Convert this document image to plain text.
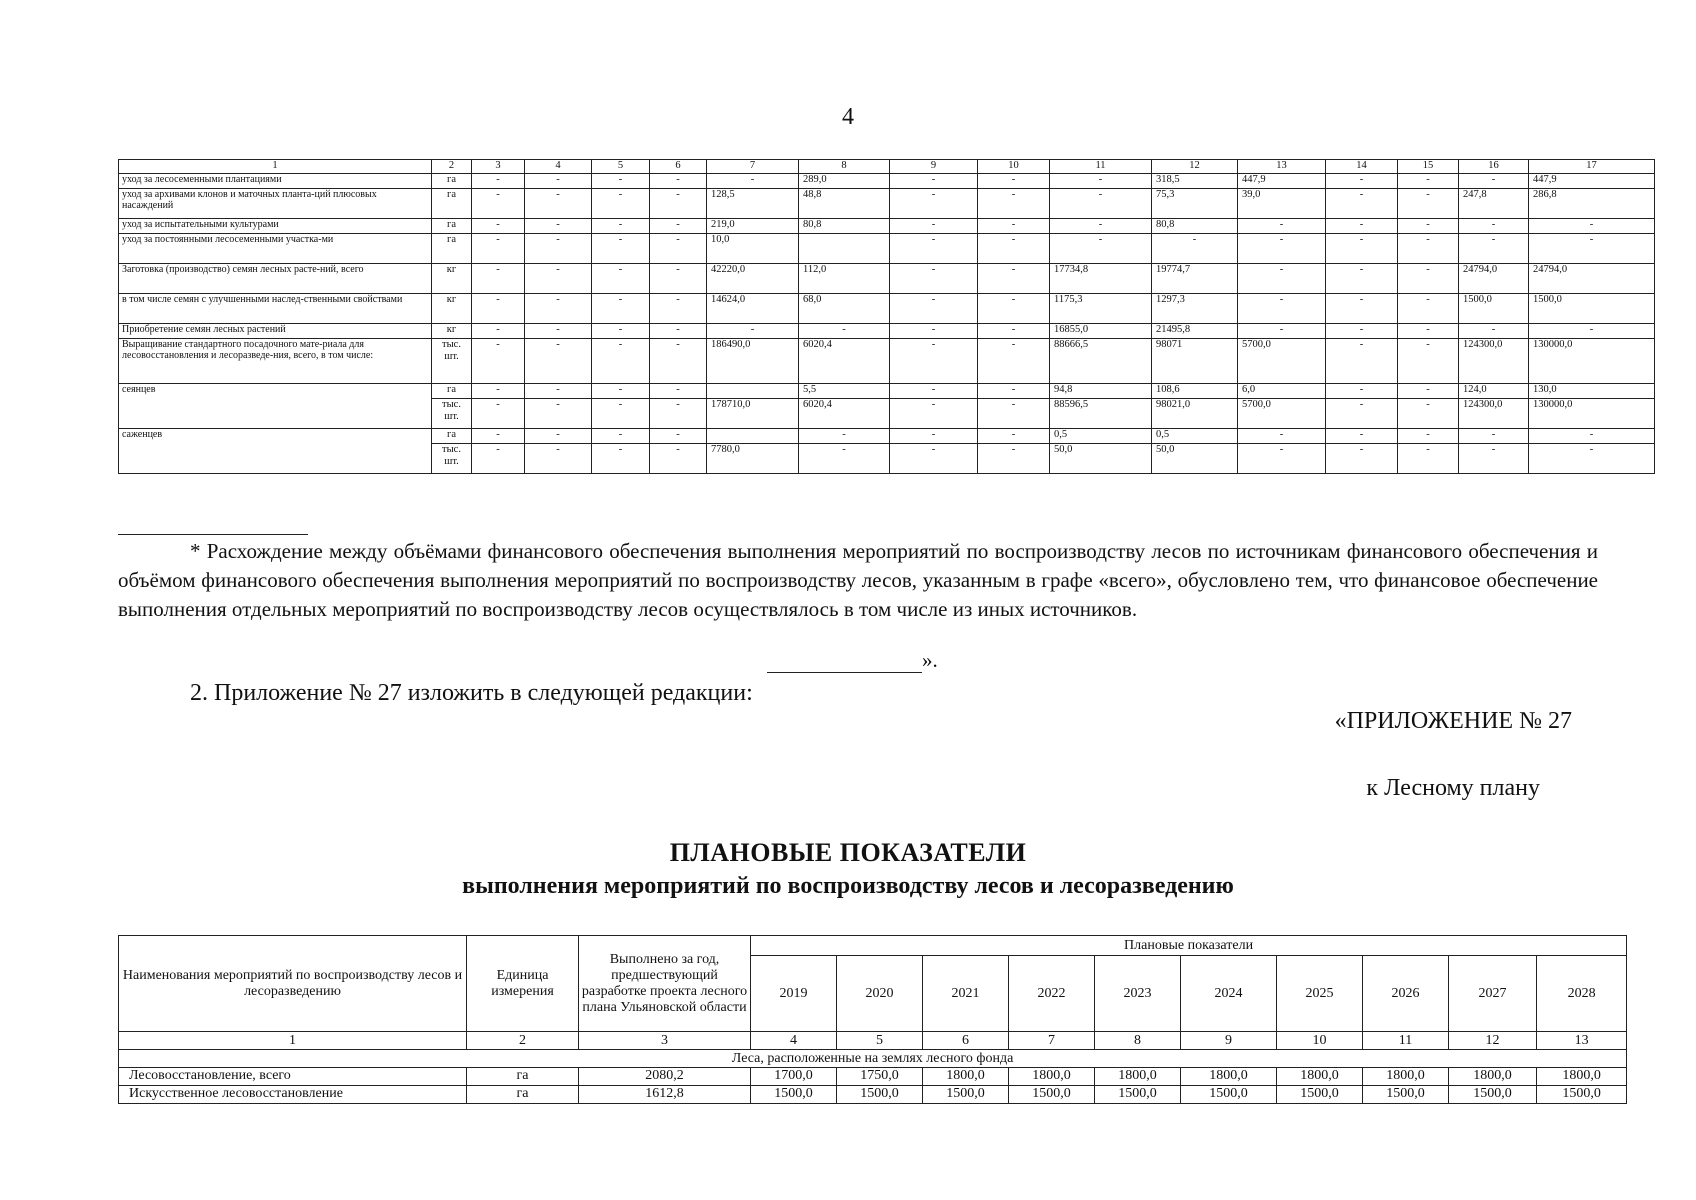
4
1	2	3	4	5	6	7	8	9	10	11	12	13	14	15	16	17
уход за лесосеменными плантациями	га	-	-	-	-	-	289,0	-	-	-	318,5	447,9	-	-	-	447,9
уход за архивами клонов и маточных планта-ций плюсовых насаждений	га	-	-	-	-	128,5	48,8	-	-	-	75,3	39,0	-	-	247,8	286,8
уход за испытательными культурами	га	-	-	-	-	219,0	80,8	-	-	-	80,8	-	-	-	-	-
уход за постоянными лесосеменными участка-ми	га	-	-	-	-	10,0		-	-	-	-	-	-	-	-	-
Заготовка (производство) семян лесных расте-ний, всего	кг	-	-	-	-	42220,0	112,0	-	-	17734,8	19774,7	-	-	-	24794,0	24794,0
в том числе семян с улучшенными наслед-ственными свойствами	кг	-	-	-	-	14624,0	68,0	-	-	1175,3	1297,3	-	-	-	1500,0	1500,0
Приобретение семян лесных растений	кг	-	-	-	-	-	-	-	-	16855,0	21495,8	-	-	-	-	-
Выращивание стандартного посадочного мате-риала для лесовосстановления и лесоразведе-ния, всего, в том числе:	тыс. шт.	-	-	-	-	186490,0	6020,4	-	-	88666,5	98071	5700,0	-	-	124300,0	130000,0
сеянцев	га	-	-	-	-		5,5	-	-	94,8	108,6	6,0	-	-	124,0	130,0
	тыс. шт.	-	-	-	-	178710,0	6020,4	-	-	88596,5	98021,0	5700,0	-	-	124300,0	130000,0
саженцев	га	-	-	-	-		-	-	-	0,5	0,5	-	-	-	-	-
	тыс. шт.	-	-	-	-	7780,0	-	-	-	50,0	50,0	-	-	-	-	-
* Расхождение между объёмами финансового обеспечения выполнения мероприятий по воспроизводству лесов по источникам финансового обеспечения и объёмом финансового обеспечения выполнения мероприятий по воспроизводству лесов, указанным в графе «всего», обусловлено тем, что финансовое обеспечение выполнения отдельных мероприятий по воспроизводству лесов осуществлялось в том числе из иных источников.
».
2. Приложение № 27 изложить в следующей редакции:
«ПРИЛОЖЕНИЕ № 27
к Лесному плану
ПЛАНОВЫЕ ПОКАЗАТЕЛИ
выполнения мероприятий по воспроизводству лесов и лесоразведению
Наименования мероприятий по воспроизводству лесов и лесоразведению	Единица измерения	Выполнено за год, предшествующий разработке проекта лесного плана Ульяновской области	Плановые показатели									
			2019	2020	2021	2022	2023	2024	2025	2026	2027	2028
1	2	3	4	5	6	7	8	9	10	11	12	13
Леса, расположенные на землях лесного фонда												
Лесовосстановление, всего	га	2080,2	1700,0	1750,0	1800,0	1800,0	1800,0	1800,0	1800,0	1800,0	1800,0	1800,0
Искусственное лесовосстановление	га	1612,8	1500,0	1500,0	1500,0	1500,0	1500,0	1500,0	1500,0	1500,0	1500,0	1500,0
